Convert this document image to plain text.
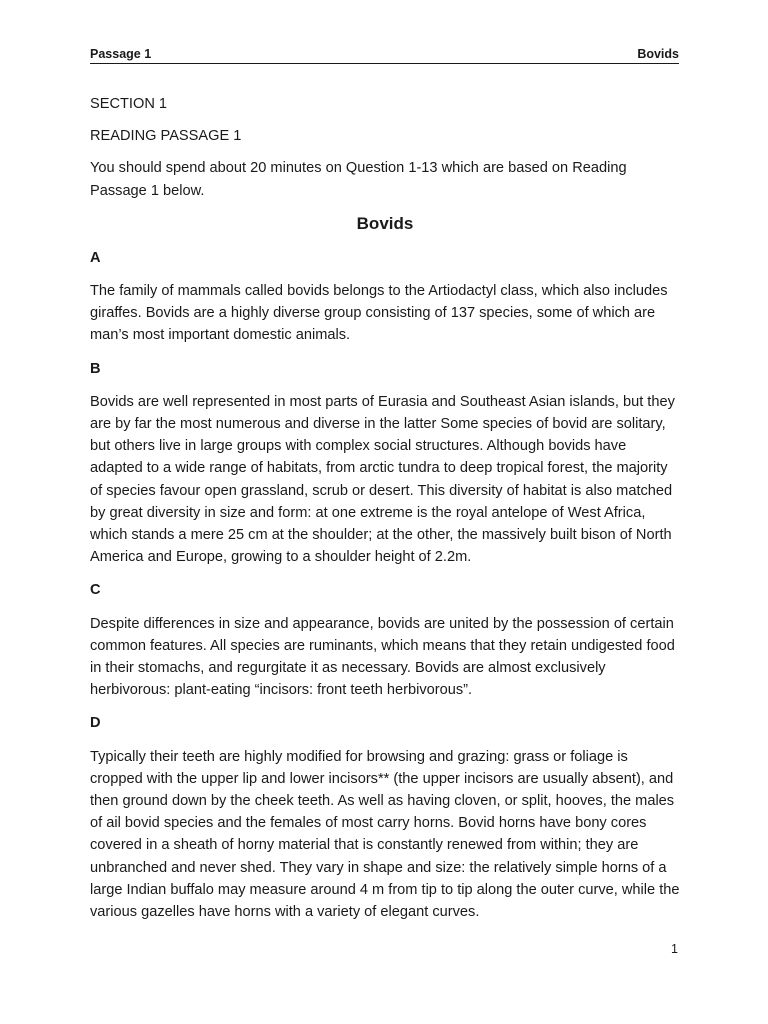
Passage 1	Bovids

SECTION 1

READING PASSAGE 1

You should spend about 20 minutes on Question 1-13 which are based on Reading Passage 1 below.

Bovids

A

The family of mammals called bovids belongs to the Artiodactyl class, which also includes giraffes. Bovids are a highly diverse group consisting of 137 species, some of which are man’s most important domestic animals.

B

Bovids are well represented in most parts of Eurasia and Southeast Asian islands, but they are by far the most numerous and diverse in the latter Some species of bovid are solitary, but others live in large groups with complex social structures. Although bovids have adapted to a wide range of habitats, from arctic tundra to deep tropical forest, the majority of species favour open grassland, scrub or desert. This diversity of habitat is also matched by great diversity in size and form: at one extreme is the royal antelope of West Africa, which stands a mere 25 cm at the shoulder; at the other, the massively built bison of North America and Europe, growing to a shoulder height of 2.2m.

C

Despite differences in size and appearance, bovids are united by the possession of certain common features. All species are ruminants, which means that they retain undigested food in their stomachs, and regurgitate it as necessary. Bovids are almost exclusively herbivorous: plant-eating “incisors: front teeth herbivorous”.

D

Typically their teeth are highly modified for browsing and grazing: grass or foliage is cropped with the upper lip and lower incisors** (the upper incisors are usually absent), and then ground down by the cheek teeth. As well as having cloven, or split, hooves, the males of ail bovid species and the females of most carry horns. Bovid horns have bony cores covered in a sheath of horny material that is constantly renewed from within; they are unbranched and never shed. They vary in shape and size: the relatively simple horns of a large Indian buffalo may measure around 4 m from tip to tip along the outer curve, while the various gazelles have horns with a variety of elegant curves.

1
